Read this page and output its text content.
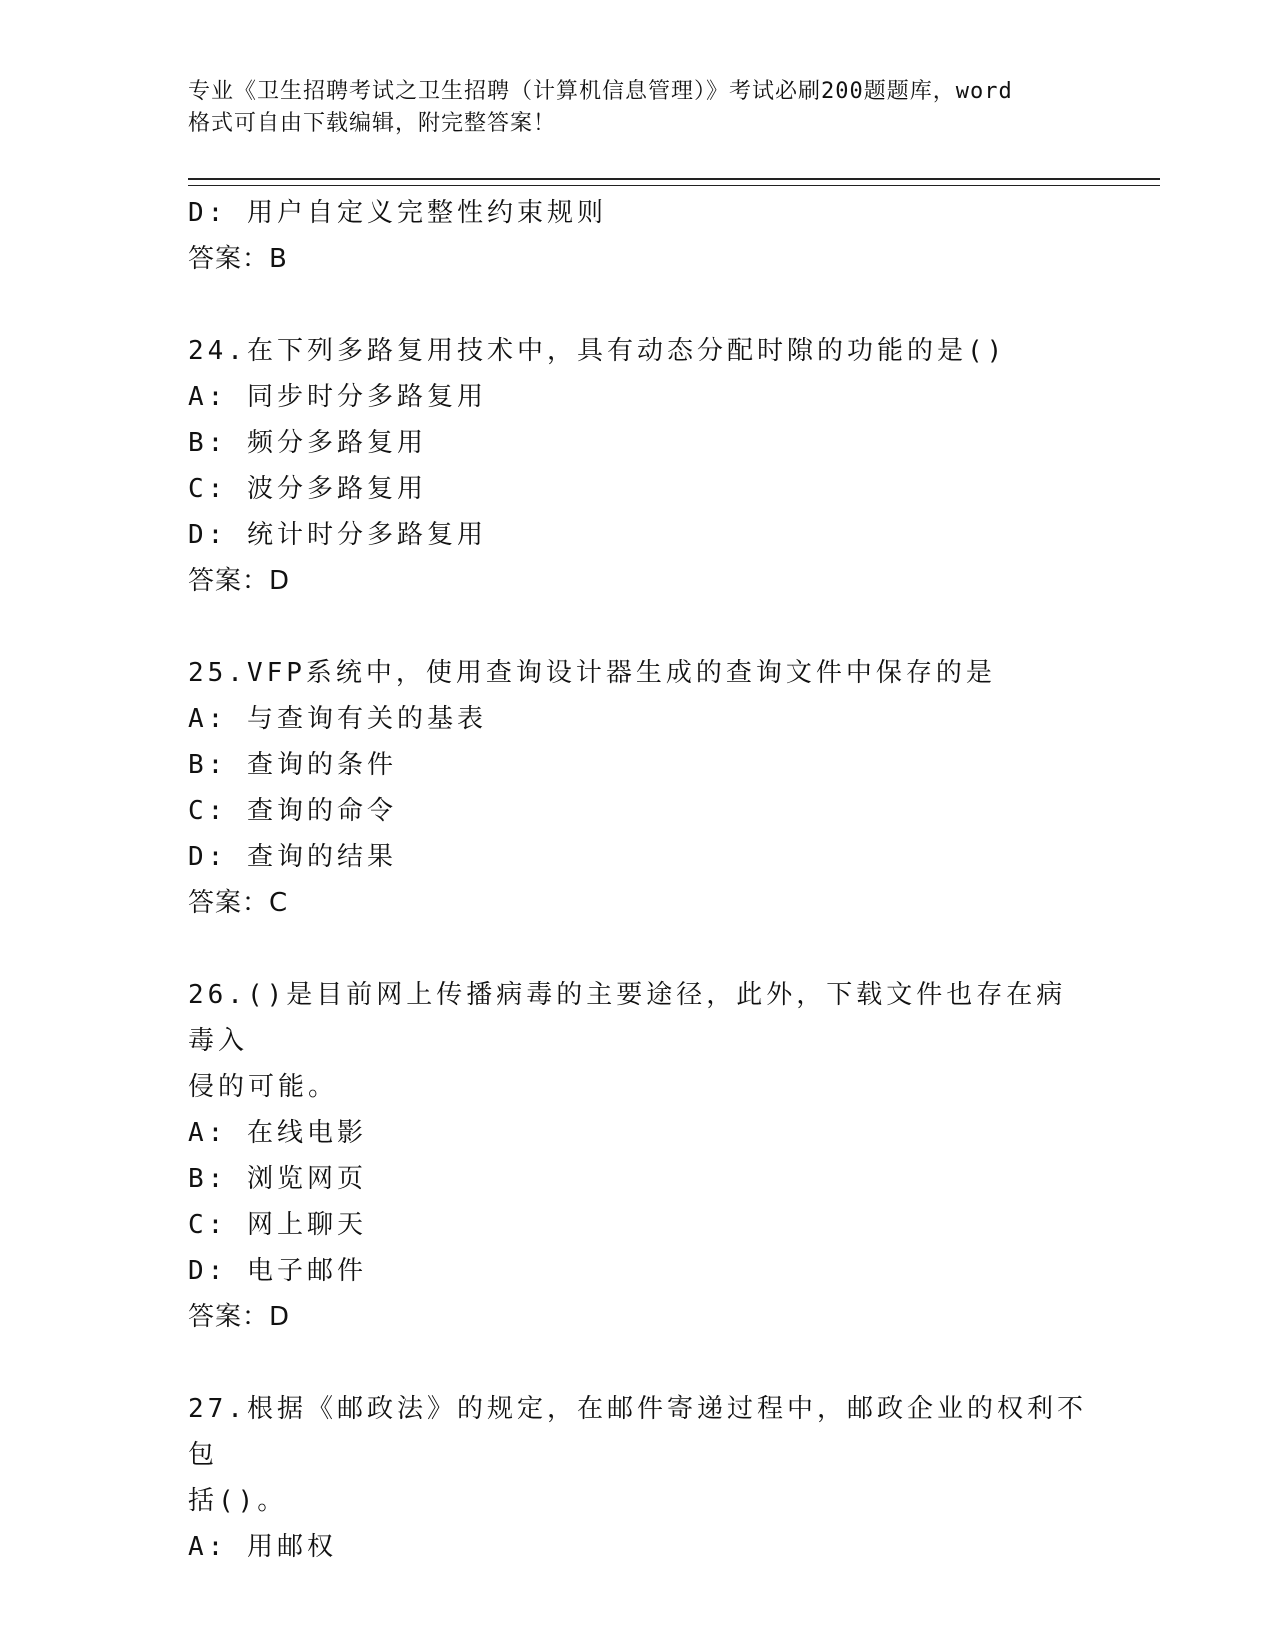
专业《卫生招聘考试之卫生招聘（计算机信息管理）》考试必刷200题题库，word
格式可自由下载编辑，附完整答案！
D: 用户自定义完整性约束规则
答案：B
24.在下列多路复用技术中，具有动态分配时隙的功能的是()
A: 同步时分多路复用
B: 频分多路复用
C: 波分多路复用
D: 统计时分多路复用
答案：D
25.VFP系统中，使用查询设计器生成的查询文件中保存的是
A: 与查询有关的基表
B: 查询的条件
C: 查询的命令
D: 查询的结果
答案：C
26.()是目前网上传播病毒的主要途径，此外，下载文件也存在病毒入
侵的可能。
A: 在线电影
B: 浏览网页
C: 网上聊天
D: 电子邮件
答案：D
27.根据《邮政法》的规定，在邮件寄递过程中，邮政企业的权利不包
括()。
A: 用邮权
